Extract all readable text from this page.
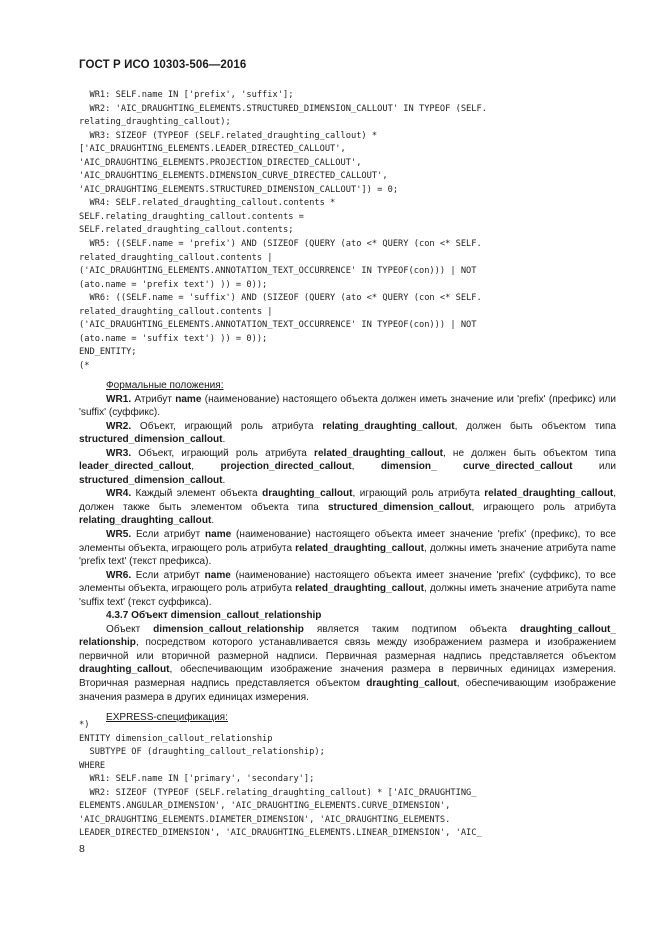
ГОСТ Р ИСО 10303-506—2016
WR1: SELF.name IN ['prefix', 'suffix'];
WR2: 'AIC_DRAUGHTING_ELEMENTS.STRUCTURED_DIMENSION_CALLOUT' IN TYPEOF (SELF.
relating_draughting_callout);
WR3: SIZEOF (TYPEOF (SELF.related_draughting_callout) *
['AIC_DRAUGHTING_ELEMENTS.LEADER_DIRECTED_CALLOUT',
'AIC_DRAUGHTING_ELEMENTS.PROJECTION_DIRECTED_CALLOUT',
'AIC_DRAUGHTING_ELEMENTS.DIMENSION_CURVE_DIRECTED_CALLOUT',
'AIC_DRAUGHTING_ELEMENTS.STRUCTURED_DIMENSION_CALLOUT']) = 0;
WR4: SELF.related_draughting_callout.contents *
SELF.relating_draughting_callout.contents =
SELF.related_draughting_callout.contents;
WR5: ((SELF.name = 'prefix') AND (SIZEOF (QUERY (ato <* QUERY (con <* SELF.
related_draughting_callout.contents |
('AIC_DRAUGHTING_ELEMENTS.ANNOTATION_TEXT_OCCURRENCE' IN TYPEOF(con))) | NOT
(ato.name = 'prefix text') )) = 0));
WR6: ((SELF.name = 'suffix') AND (SIZEOF (QUERY (ato <* QUERY (con <* SELF.
related_draughting_callout.contents |
('AIC_DRAUGHTING_ELEMENTS.ANNOTATION_TEXT_OCCURRENCE' IN TYPEOF(con))) | NOT
(ato.name = 'suffix text') )) = 0));
END_ENTITY;
(*

Формальные положения:

WR1. Атрибут name (наименование) настоящего объекта должен иметь значение или 'prefix' (префикс) или 'suffix' (суффикс).

WR2. Объект, играющий роль атрибута relating_draughting_callout, должен быть объектом типа structured_dimension_callout.

WR3. Объект, играющий роль атрибута related_draughting_callout, не должен быть объектом типа leader_directed_callout, projection_directed_callout, dimension_ curve_directed_callout или structured_dimension_callout.

WR4. Каждый элемент объекта draughting_callout, играющий роль атрибута related_draughting_callout, должен также быть элементом объекта типа structured_dimension_callout, играющего роль атрибута relating_draughting_callout.

WR5. Если атрибут name (наименование) настоящего объекта имеет значение 'prefix' (префикс), то все элементы объекта, играющего роль атрибута related_draughting_callout, должны иметь значение атрибута name 'prefix text' (текст префикса).

WR6. Если атрибут name (наименование) настоящего объекта имеет значение 'prefix' (суффикс), то все элементы объекта, играющего роль атрибута related_draughting_callout, должны иметь значение атрибута name 'suffix text' (текст суффикса).

4.3.7 Объект dimension_callout_relationship

Объект dimension_callout_relationship является таким подтипом объекта draughting_callout_ relationship, посредством которого устанавливается связь между изображением размера и изображением первичной или вторичной размерной надписи. Первичная размерная надпись представляется объектом draughting_callout, обеспечивающим изображение значения размера в первичных единицах измерения. Вторичная размерная надпись представляется объектом draughting_callout, обеспечивающим изображение значения размера в других единицах измерения.

EXPRESS-спецификация:

*)
ENTITY dimension_callout_relationship
SUBTYPE OF (draughting_callout_relationship);
WHERE
WR1: SELF.name IN ['primary', 'secondary'];
WR2: SIZEOF (TYPEOF (SELF.relating_draughting_callout) * ['AIC_DRAUGHTING_
ELEMENTS.ANGULAR_DIMENSION', 'AIC_DRAUGHTING_ELEMENTS.CURVE_DIMENSION',
'AIC_DRAUGHTING_ELEMENTS.DIAMETER_DIMENSION', 'AIC_DRAUGHTING_ELEMENTS.
LEADER_DIRECTED_DIMENSION', 'AIC_DRAUGHTING_ELEMENTS.LINEAR_DIMENSION', 'AIC_
8
